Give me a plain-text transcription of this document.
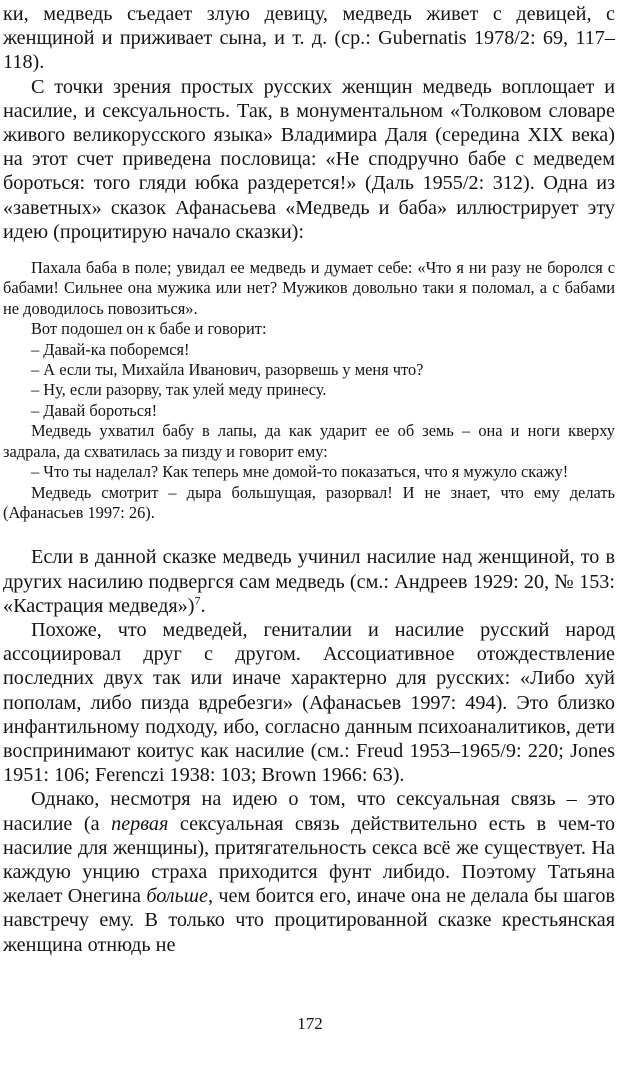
ки, медведь съедает злую девицу, медведь живет с девицей, с женщиной и приживает сына, и т. д. (ср.: Gubernatis 1978/2: 69, 117–118).

С точки зрения простых русских женщин медведь воплощает и насилие, и сексуальность. Так, в монументальном «Толковом словаре живого великорусского языка» Владимира Даля (середина XIX века) на этот счет приведена пословица: «Не сподручно бабе с медведем бороться: того гляди юбка раздерется!» (Даль 1955/2: 312). Одна из «заветных» сказок Афанасьева «Медведь и баба» иллюстрирует эту идею (процитирую начало сказки):

Пахала баба в поле; увидал ее медведь и думает себе: «Что я ни разу не боролся с бабами! Сильнее она мужика или нет? Мужиков довольно таки я поломал, а с бабами не доводилось повозиться».

Вот подошел он к бабе и говорит:

– Давай-ка поборемся!

– А если ты, Михайла Иванович, разорвешь у меня что?

– Ну, если разорву, так улей меду принесу.

– Давай бороться!

Медведь ухватил бабу в лапы, да как ударит ее об земь – она и ноги кверху задрала, да схватилась за пизду и говорит ему:

– Что ты наделал? Как теперь мне домой-то показаться, что я мужуло скажу!

Медведь смотрит – дыра большущая, разорвал! И не знает, что ему делать (Афанасьев 1997: 26).

Если в данной сказке медведь учинил насилие над женщиной, то в других насилию подвергся сам медведь (см.: Андреев 1929: 20, № 153: «Кастрация медведя»)$^7$.

Похоже, что медведей, гениталии и насилие русский народ ассоциировал друг с другом. Ассоциативное отождествление последних двух так или иначе характерно для русских: «Либо хуй пополам, либо пизда вдребезги» (Афанасьев 1997: 494). Это близко инфантильному подходу, ибо, согласно данным психоаналитиков, дети воспринимают коитус как насилие (см.: Freud 1953–1965/9: 220; Jones 1951: 106; Ferenczi 1938: 103; Brown 1966: 63).

Однако, несмотря на идею о том, что сексуальная связь – это насилие (а первая сексуальная связь действительно есть в чем-то насилие для женщины), притягательность секса всё же существует. На каждую унцию страха приходится фунт либидо. Поэтому Татьяна желает Онегина больше, чем боится его, иначе она не делала бы шагов навстречу ему. В только что процитированной сказке крестьянская женщина отнюдь не

172
